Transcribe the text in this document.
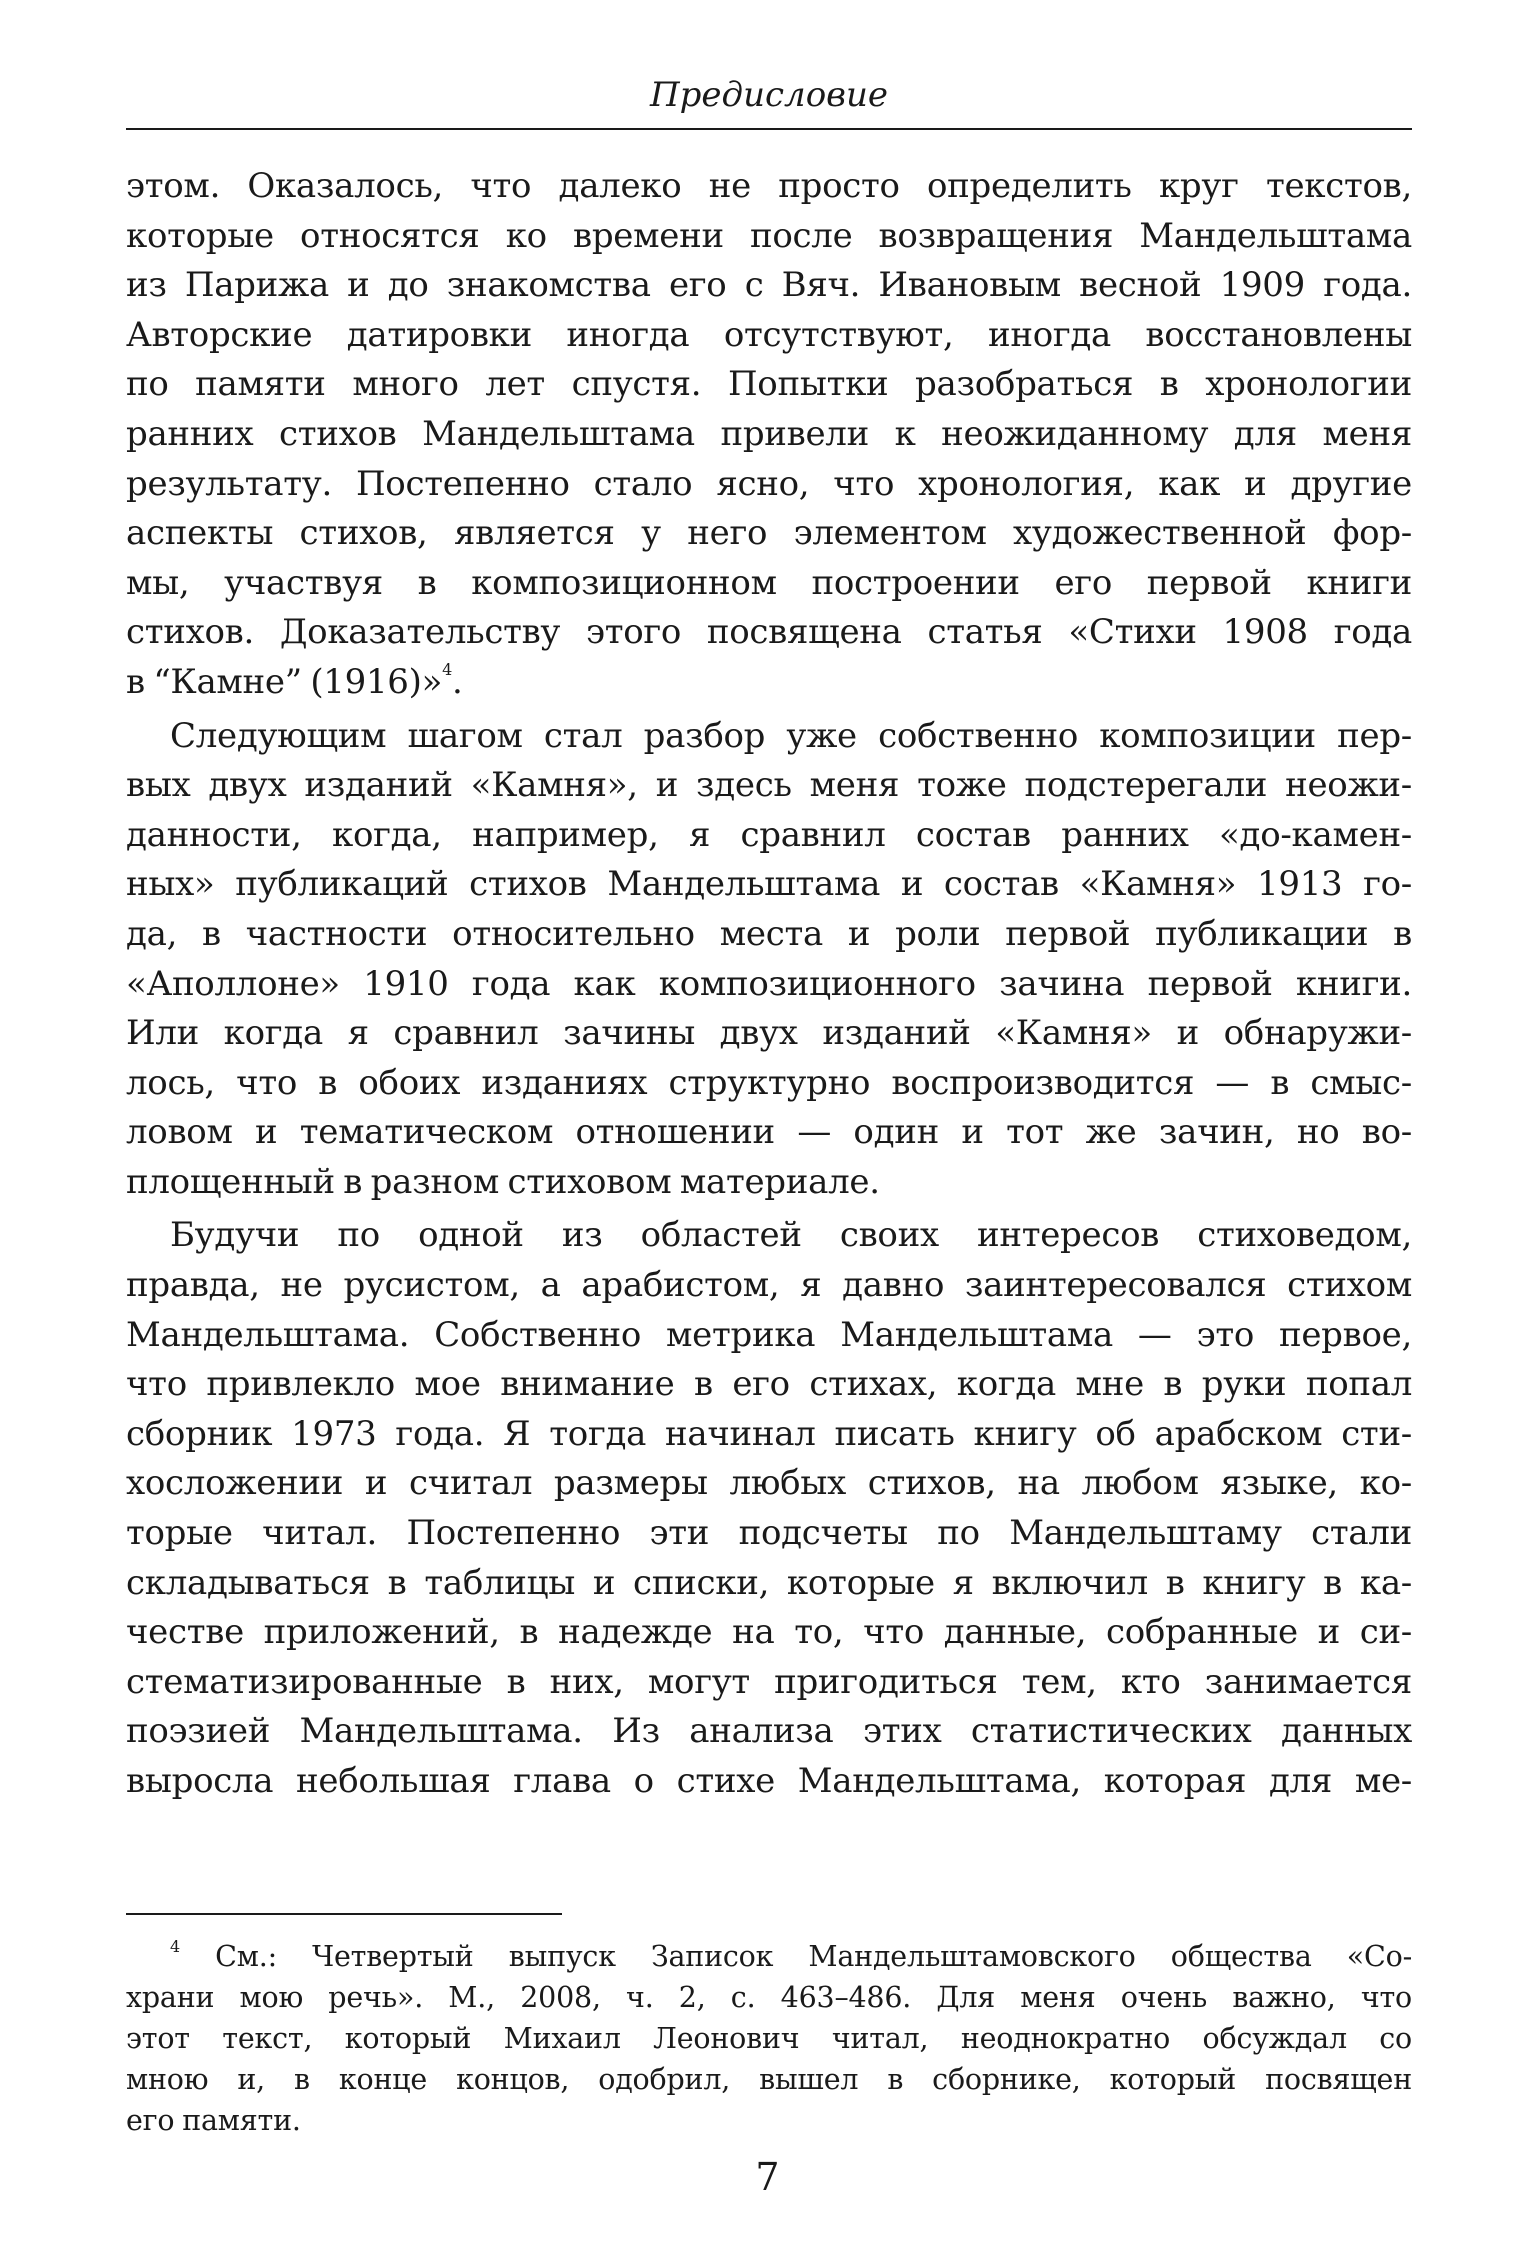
Предисловие
этом. Оказалось, что далеко не просто определить круг текстов,
которые относятся ко времени после возвращения Мандельштама
из Парижа и до знакомства его с Вяч. Ивановым весной 1909 года.
Авторские датировки иногда отсутствуют, иногда восстановлены
по памяти много лет спустя. Попытки разобраться в хронологии
ранних стихов Мандельштама привели к неожиданному для меня
результату. Постепенно стало ясно, что хронология, как и другие
аспекты стихов, является у него элементом художественной фор-
мы, участвуя в композиционном построении его первой книги
стихов. Доказательству этого посвящена статья «Стихи 1908 года
в “Камне” (1916)»$^4$.
Следующим шагом стал разбор уже собственно композиции пер-
вых двух изданий «Камня», и здесь меня тоже подстерегали неожи-
данности, когда, например, я сравнил состав ранних «до-камен-
ных» публикаций стихов Мандельштама и состав «Камня» 1913 го-
да, в частности относительно места и роли первой публикации в
«Аполлоне» 1910 года как композиционного зачина первой книги.
Или когда я сравнил зачины двух изданий «Камня» и обнаружи-
лось, что в обоих изданиях структурно воспроизводится — в смыс-
ловом и тематическом отношении — один и тот же зачин, но во-
площенный в разном стиховом материале.
Будучи по одной из областей своих интересов стиховедом,
правда, не русистом, а арабистом, я давно заинтересовался стихом
Мандельштама. Собственно метрика Мандельштама — это первое,
что привлекло мое внимание в его стихах, когда мне в руки попал
сборник 1973 года. Я тогда начинал писать книгу об арабском сти-
хосложении и считал размеры любых стихов, на любом языке, ко-
торые читал. Постепенно эти подсчеты по Мандельштаму стали
складываться в таблицы и списки, которые я включил в книгу в ка-
честве приложений, в надежде на то, что данные, собранные и си-
стематизированные в них, могут пригодиться тем, кто занимается
поэзией Мандельштама. Из анализа этих статистических данных
выросла небольшая глава о стихе Мандельштама, которая для ме-
$^4$ См.: Четвертый выпуск Записок Мандельштамовского общества «Со-
храни мою речь». М., 2008, ч. 2, с. 463–486. Для меня очень важно, что
этот текст, который Михаил Леонович читал, неоднократно обсуждал со
мною и, в конце концов, одобрил, вышел в сборнике, который посвящен
его памяти.
7
